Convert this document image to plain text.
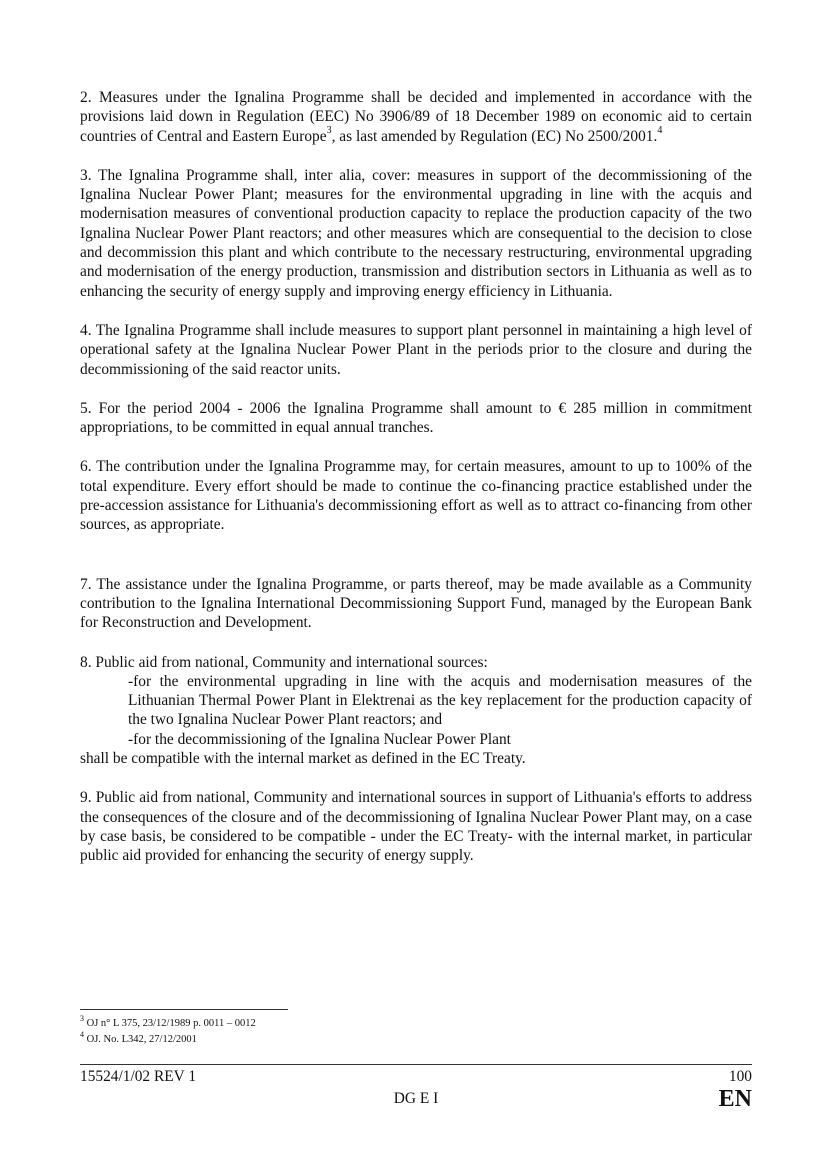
2. Measures under the Ignalina Programme shall be decided and implemented in accordance with the provisions laid down in Regulation (EEC) No 3906/89 of 18 December 1989 on economic aid to certain countries of Central and Eastern Europe$^3$, as last amended by Regulation (EC) No 2500/2001.$^4$

3. The Ignalina Programme shall, inter alia, cover: measures in support of the decommissioning of the Ignalina Nuclear Power Plant; measures for the environmental upgrading in line with the acquis and modernisation measures of conventional production capacity to replace the production capacity of the two Ignalina Nuclear Power Plant reactors; and other measures which are consequential to the decision to close and decommission this plant and which contribute to the necessary restructuring, environmental upgrading and modernisation of the energy production, transmission and distribution sectors in Lithuania as well as to enhancing the security of energy supply and improving energy efficiency in Lithuania.

4. The Ignalina Programme shall include measures to support plant personnel in maintaining a high level of operational safety at the Ignalina Nuclear Power Plant in the periods prior to the closure and during the decommissioning of the said reactor units.

5. For the period 2004 - 2006 the Ignalina Programme shall amount to € 285 million in commitment appropriations, to be committed in equal annual tranches.

6. The contribution under the Ignalina Programme may, for certain measures, amount to up to 100% of the total expenditure. Every effort should be made to continue the co-financing practice established under the pre-accession assistance for Lithuania's decommissioning effort as well as to attract co-financing from other sources, as appropriate.

7. The assistance under the Ignalina Programme, or parts thereof, may be made available as a Community contribution to the Ignalina International Decommissioning Support Fund, managed by the European Bank for Reconstruction and Development.

8. Public aid from national, Community and international sources:

-for the environmental upgrading in line with the acquis and modernisation measures of the Lithuanian Thermal Power Plant in Elektrenai as the key replacement for the production capacity of the two Ignalina Nuclear Power Plant reactors; and

-for the decommissioning of the Ignalina Nuclear Power Plant

shall be compatible with the internal market as defined in the EC Treaty.

9. Public aid from national, Community and international sources in support of Lithuania's efforts to address the consequences of the closure and of the decommissioning of Ignalina Nuclear Power Plant may, on a case by case basis, be considered to be compatible - under the EC Treaty- with the internal market, in particular public aid provided for enhancing the security of energy supply.

$^3$ OJ n° L 375, 23/12/1989 p. 0011 – 0012
$^4$ OJ. No. L342, 27/12/2001
15524/1/02 REV 1	100
DG E I	EN
